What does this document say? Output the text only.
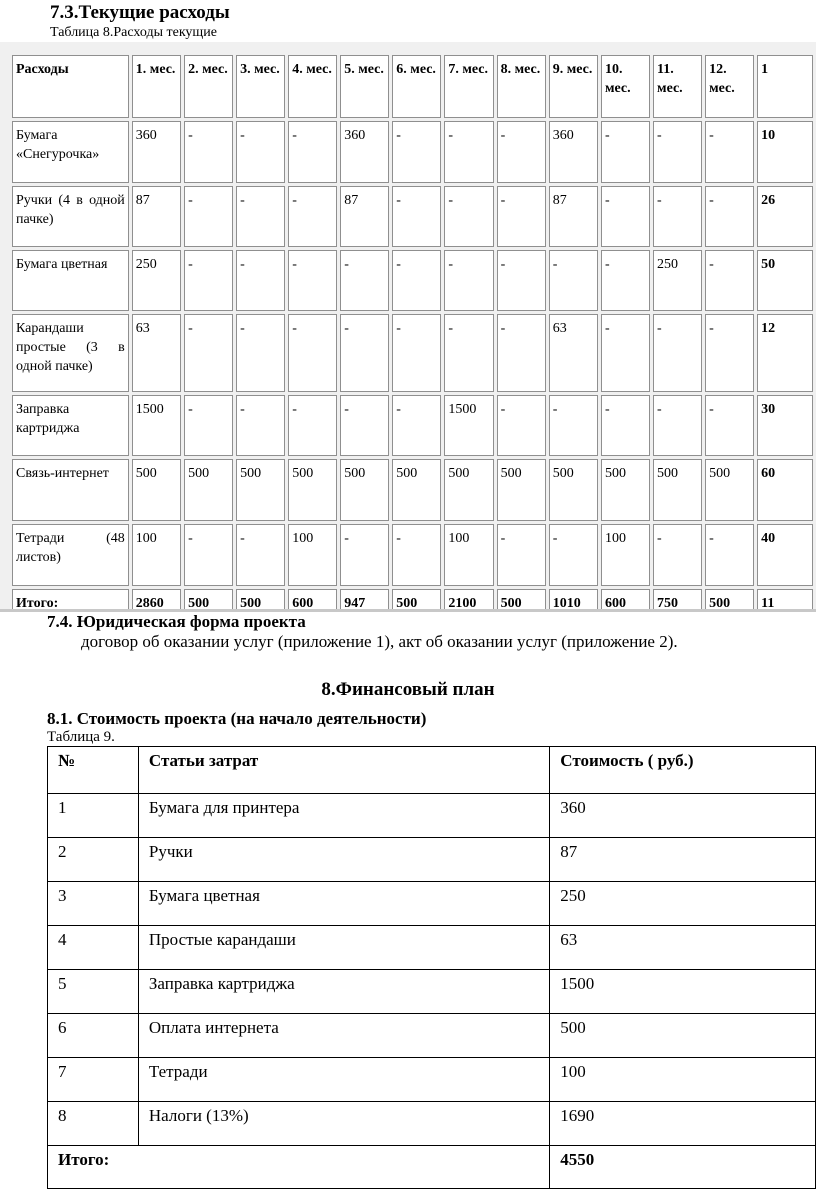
7.3.Текущие расходы
Таблица 8.Расходы текущие
Расходы	1. мес.	2. мес.	3. мес.	4. мес.	5. мес.	6. мес.	7. мес.	8. мес.	9. мес.	10. мес.	11. мес.	12. мес.	1
Бумага «Снегурочка»	360	-	-	-	360	-	-	-	360	-	-	-	10
Ручки (4 в одной пачке)	87	-	-	-	87	-	-	-	87	-	-	-	26
Бумага цветная	250	-	-	-	-	-	-	-	-	-	250	-	50
Карандаши простые (3 в одной пачке)	63	-	-	-	-	-	-	-	63	-	-	-	12
Заправка картриджа	1500	-	-	-	-	-	1500	-	-	-	-	-	30
Связь-интернет	500	500	500	500	500	500	500	500	500	500	500	500	60
Тетради (48 листов)	100	-	-	100	-	-	100	-	-	100	-	-	40
Итого:	2860	500	500	600	947	500	2100	500	1010	600	750	500	11
7.4. Юридическая форма проекта
договор об оказании услуг (приложение 1), акт об оказании услуг (приложение 2).
8.Финансовый план
8.1. Стоимость проекта (на начало деятельности)
Таблица 9.
№	Статьи затрат	Стоимость ( руб.)
1	Бумага для принтера	360
2	Ручки	87
3	Бумага цветная	250
4	Простые карандаши	63
5	Заправка картриджа	1500
6	Оплата интернета	500
7	Тетради	100
8	Налоги (13%)	1690
Итого:		4550
